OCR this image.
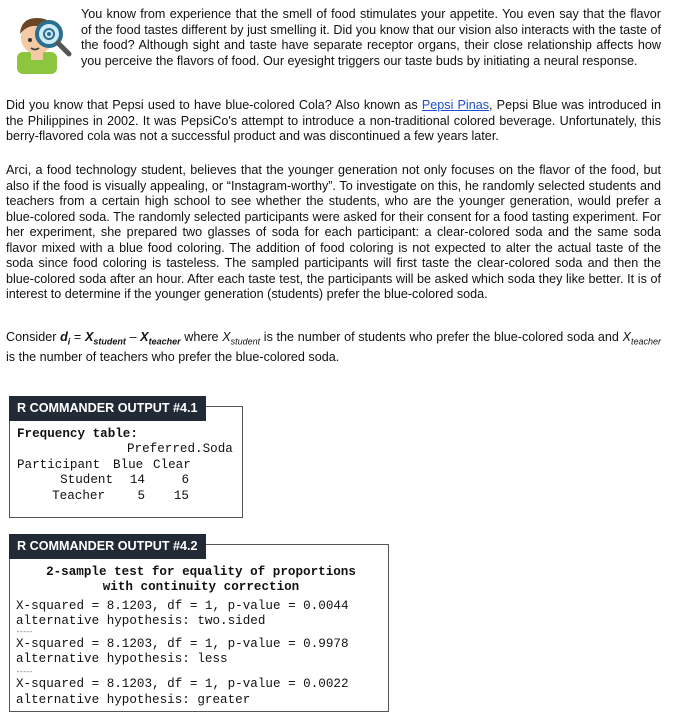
You know from experience that the smell of food stimulates your appetite. You even say that the flavor of the food tastes different by just smelling it. Did you know that our vision also interacts with the taste of the food? Although sight and taste have separate receptor organs, their close relationship affects how you perceive the flavors of food. Our eyesight triggers our taste buds by initiating a neural response.

Did you know that Pepsi used to have blue-colored Cola? Also known as Pepsi Pinas, Pepsi Blue was introduced in the Philippines in 2002. It was PepsiCo's attempt to introduce a non-traditional colored beverage. Unfortunately, this berry-flavored cola was not a successful product and was discontinued a few years later.

Arci, a food technology student, believes that the younger generation not only focuses on the flavor of the food, but also if the food is visually appealing, or “Instagram-worthy”. To investigate on this, he randomly selected students and teachers from a certain high school to see whether the students, who are the younger generation, would prefer a blue-colored soda. The randomly selected participants were asked for their consent for a food tasting experiment. For her experiment, she prepared two glasses of soda for each participant: a clear-colored soda and the same soda flavor mixed with a blue food coloring. The addition of food coloring is not expected to alter the actual taste of the soda since food coloring is tasteless. The sampled participants will first taste the clear-colored soda and then the blue-colored soda after an hour. After each taste test, the participants will be asked which soda they like better. It is of interest to determine if the younger generation (students) prefer the blue-colored soda.

Consider $d_i = X_{student} - X_{teacher}$ where $X_{student}$ is the number of students who prefer the blue-colored soda and $X_{teacher}$ is the number of teachers who prefer the blue-colored soda.

Frequency table:
Preferred.Soda
Participant Blue Clear
Student 14	6
Teacher	5 15
R COMMANDER OUTPUT #4.1
2-sample test for equality of proportions
with continuity correction
X-squared = 8.1203, df = 1, p-value = 0.0044
alternative hypothesis: two.sided
-----
X-squared = 8.1203, df = 1, p-value = 0.9978
alternative hypothesis: less
-----
X-squared = 8.1203, df = 1, p-value = 0.0022
alternative hypothesis: greater
R COMMANDER OUTPUT #4.2
